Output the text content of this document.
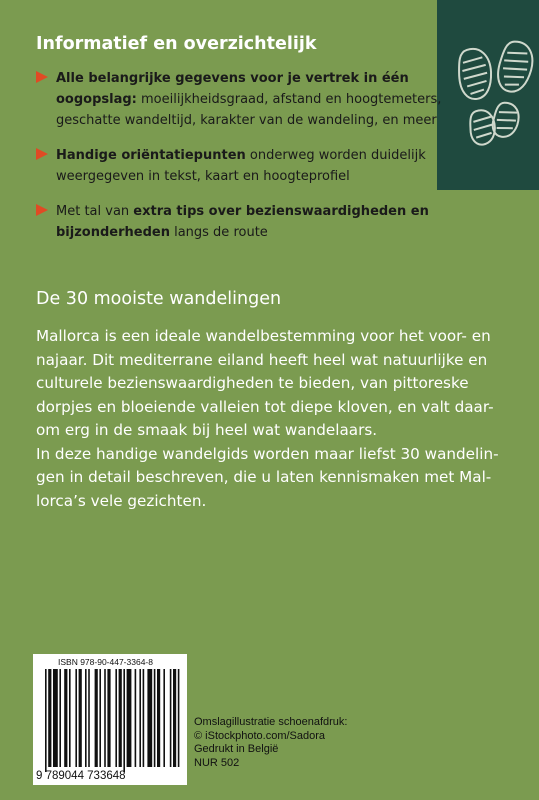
Informatief en overzichtelijk
Alle belangrijke gegevens voor je vertrek in één
oogopslag: moeilijkheidsgraad, afstand en hoogtemeters,
geschatte wandeltijd, karakter van de wandeling, en meer
Handige oriëntatiepunten onderweg worden duidelijk
weergegeven in tekst, kaart en hoogteprofiel
Met tal van extra tips over bezienswaardigheden en
bijzonderheden langs de route
De 30 mooiste wandelingen
Mallorca is een ideale wandelbestemming voor het voor- en
najaar. Dit mediterrane eiland heeft heel wat natuurlijke en
culturele bezienswaardigheden te bieden, van pittoreske
dorpjes en bloeiende valleien tot diepe kloven, en valt daar-
om erg in de smaak bij heel wat wandelaars.
In deze handige wandelgids worden maar liefst 30 wandelin-
gen in detail beschreven, die u laten kennismaken met Mal-
lorca’s vele gezichten.
ISBN 978-90-447-3364-8
9 789044 733648
Omslagillustratie schoenafdruk:
© iStockphoto.com/Sadora
Gedrukt in België
NUR 502
